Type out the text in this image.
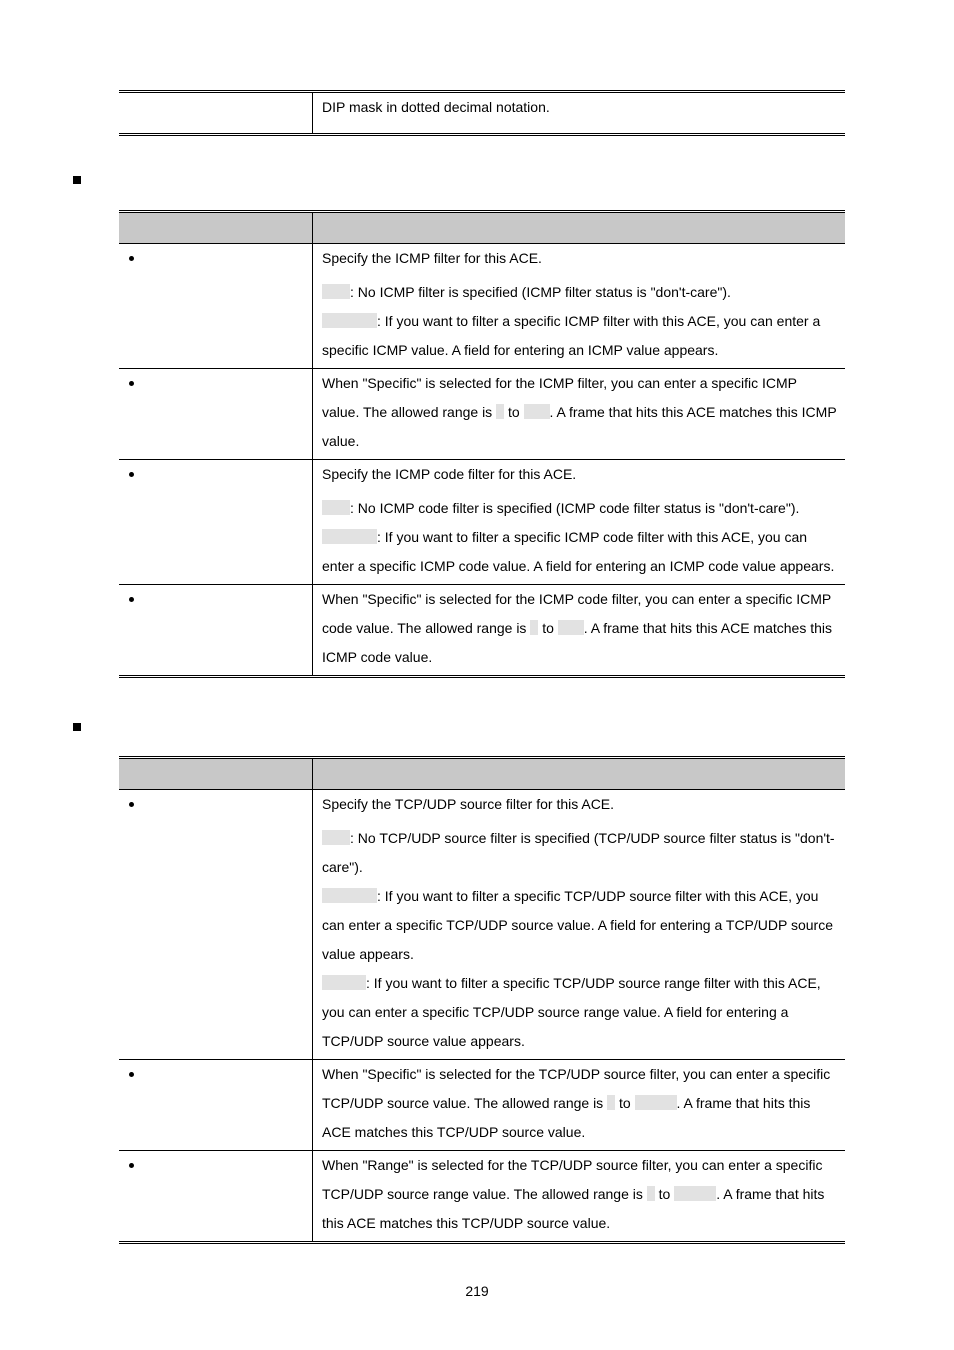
DIP mask in dotted decimal notation.

	Specify the ICMP filter for this ACE.
: No ICMP filter is specified (ICMP filter status is "don't-care").
: If you want to filter a specific ICMP filter with this ACE, you can enter a specific ICMP value. A field for entering an ICMP value appears.

	When "Specific" is selected for the ICMP filter, you can enter a specific ICMP value. The allowed range is  to . A frame that hits this ACE matches this ICMP value.

	Specify the ICMP code filter for this ACE.
: No ICMP code filter is specified (ICMP code filter status is "don't-care").
: If you want to filter a specific ICMP code filter with this ACE, you can enter a specific ICMP code value. A field for entering an ICMP code value appears.

	When "Specific" is selected for the ICMP code filter, you can enter a specific ICMP code value. The allowed range is  to . A frame that hits this ACE matches this ICMP code value.

	Specify the TCP/UDP source filter for this ACE.
: No TCP/UDP source filter is specified (TCP/UDP source filter status is "don't-care").
: If you want to filter a specific TCP/UDP source filter with this ACE, you can enter a specific TCP/UDP source value. A field for entering a TCP/UDP source value appears.
: If you want to filter a specific TCP/UDP source range filter with this ACE, you can enter a specific TCP/UDP source range value. A field for entering a TCP/UDP source value appears.

	When "Specific" is selected for the TCP/UDP source filter, you can enter a specific TCP/UDP source value. The allowed range is  to . A frame that hits this ACE matches this TCP/UDP source value.

	When "Range" is selected for the TCP/UDP source filter, you can enter a specific TCP/UDP source range value. The allowed range is  to . A frame that hits this ACE matches this TCP/UDP source value.
219
